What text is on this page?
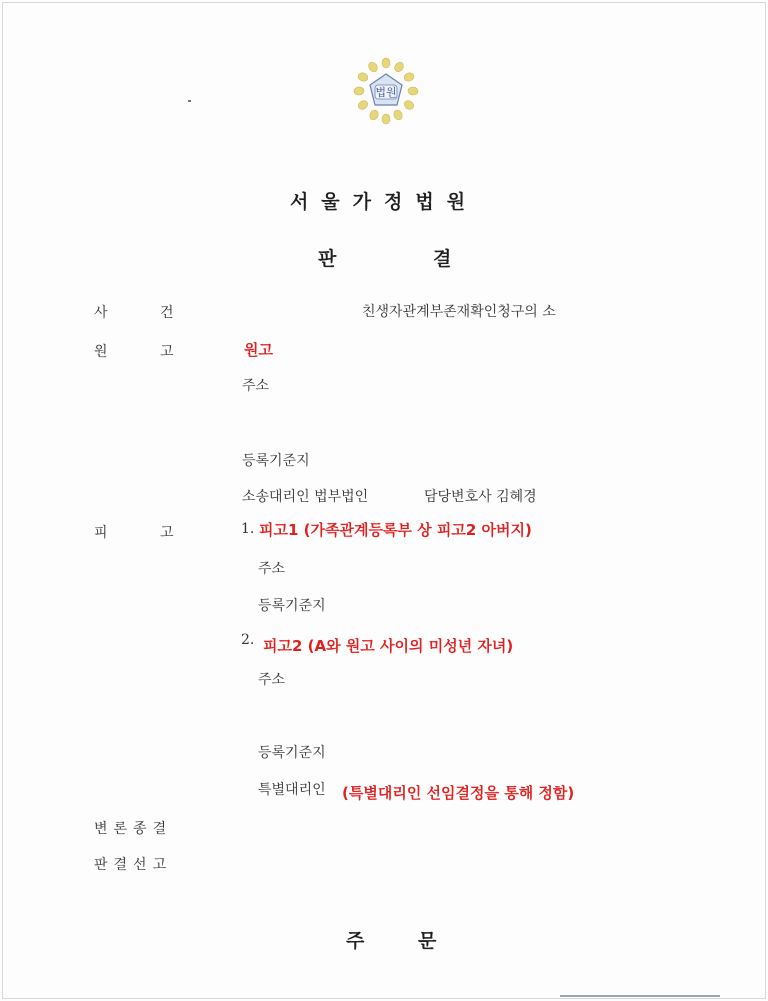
법원
서울가정법원
판	결
사	건	친생자관계부존재확인청구의 소
원	고	원고
주소
등록기준지
소송대리인 법부법인	담당변호사 김혜경
피	고	1. 피고1 (가족관계등록부 상 피고2 아버지)
주소
등록기준지
2. 피고2 (A와 원고 사이의 미성년 자녀)
주소
등록기준지
특별대리인 (특별대리인 선임결정을 통해 정함)
변론종결
판결선고
주	문
